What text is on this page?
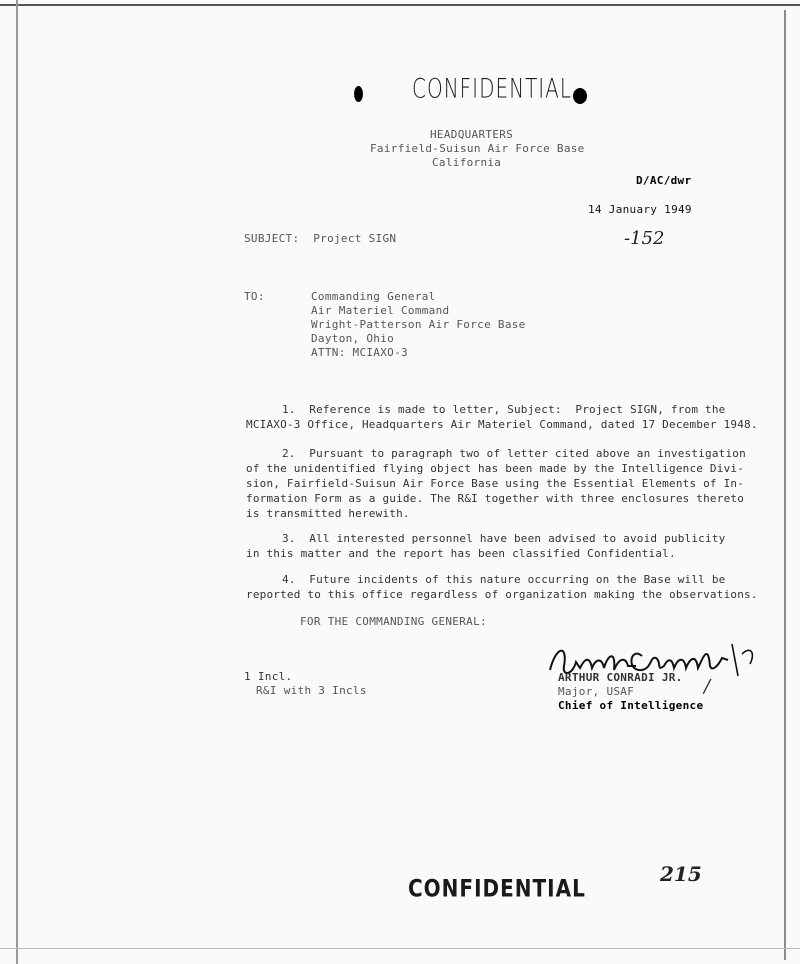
CONFIDENTIAL
HEADQUARTERS
Fairfield-Suisun Air Force Base
California
D/AC/dwr
14 January 1949
SUBJECT:  Project SIGN	-152
TO:	Commanding General
Air Materiel Command
Wright-Patterson Air Force Base
Dayton, Ohio
ATTN: MCIAXO-3
1.  Reference is made to letter, Subject:  Project SIGN, from the
MCIAXO-3 Office, Headquarters Air Materiel Command, dated 17 December 1948.
2.  Pursuant to paragraph two of letter cited above an investigation
of the unidentified flying object has been made by the Intelligence Divi-
sion, Fairfield-Suisun Air Force Base using the Essential Elements of In-
formation Form as a guide. The R&I together with three enclosures thereto
is transmitted herewith.
3.  All interested personnel have been advised to avoid publicity
in this matter and the report has been classified Confidential.
4.  Future incidents of this nature occurring on the Base will be
reported to this office regardless of organization making the observations.
FOR THE COMMANDING GENERAL:
ARTHUR CONRADI JR.
Major, USAF
Chief of Intelligence
/
1 Incl.
R&I with 3 Incls
215
CONFIDENTIAL
